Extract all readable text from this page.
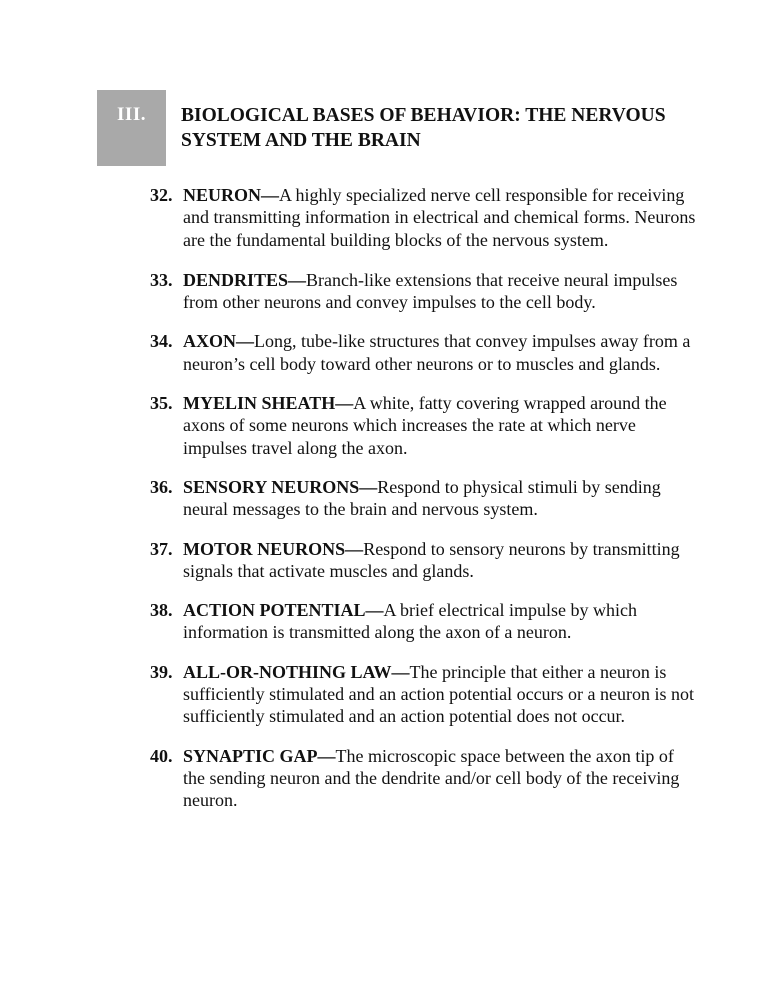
III.	BIOLOGICAL BASES OF BEHAVIOR: THE NERVOUS SYSTEM AND THE BRAIN
32. NEURON—A highly specialized nerve cell responsible for receiving and transmitting information in electrical and chemical forms. Neurons are the fundamental building blocks of the nervous system.
33. DENDRITES—Branch-like extensions that receive neural impulses from other neurons and convey impulses to the cell body.
34. AXON—Long, tube-like structures that convey impulses away from a neuron’s cell body toward other neurons or to muscles and glands.
35. MYELIN SHEATH—A white, fatty covering wrapped around the axons of some neurons which increases the rate at which nerve impulses travel along the axon.
36. SENSORY NEURONS—Respond to physical stimuli by sending neural messages to the brain and nervous system.
37. MOTOR NEURONS—Respond to sensory neurons by transmitting signals that activate muscles and glands.
38. ACTION POTENTIAL—A brief electrical impulse by which information is transmitted along the axon of a neuron.
39. ALL-OR-NOTHING LAW—The principle that either a neuron is sufficiently stimulated and an action potential occurs or a neuron is not sufficiently stimulated and an action potential does not occur.
40. SYNAPTIC GAP—The microscopic space between the axon tip of the sending neuron and the dendrite and/or cell body of the receiving neuron.
